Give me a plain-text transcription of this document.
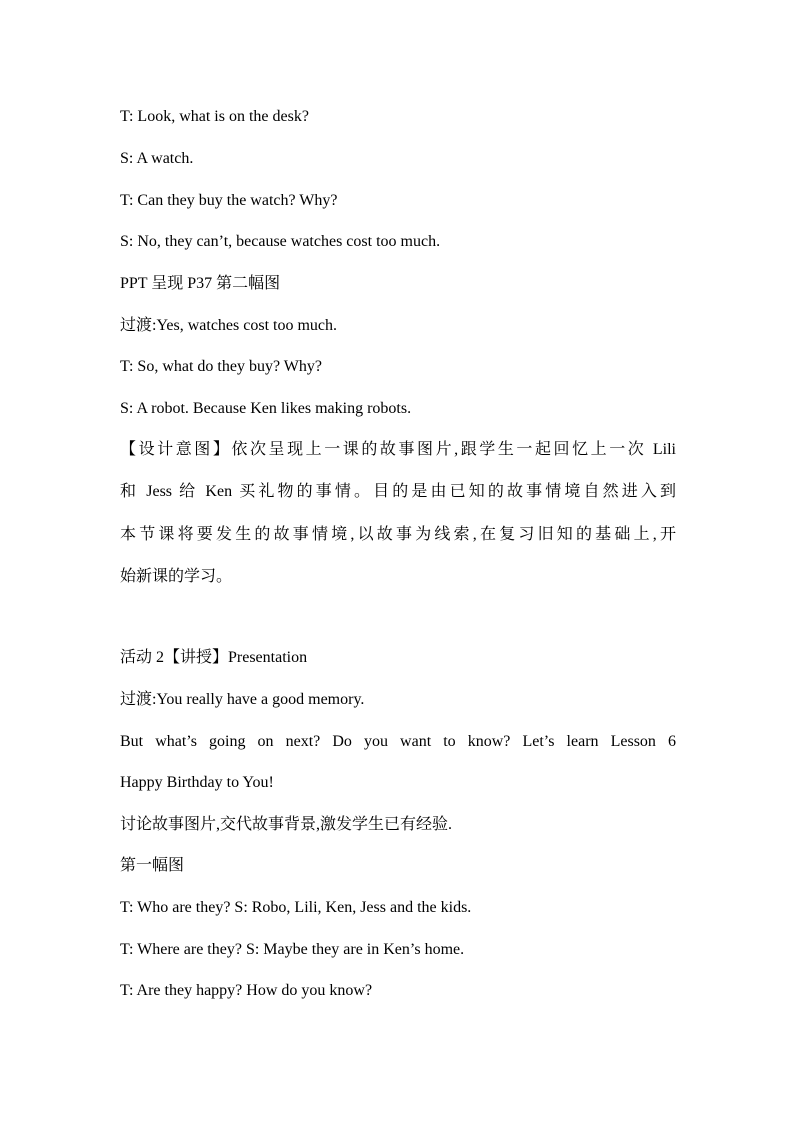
T: Look, what is on the desk?
S: A watch.
T: Can they buy the watch? Why?
S: No, they can’t, because watches cost too much.
PPT 呈现 P37 第二幅图
过渡:Yes, watches cost too much.
T: So, what do they buy? Why?
S: A robot. Because Ken likes making robots.
【设计意图】依次呈现上一课的故事图片,跟学生一起回忆上一次 Lili
和 Jess 给 Ken 买礼物的事情。目的是由已知的故事情境自然进入到
本节课将要发生的故事情境,以故事为线索,在复习旧知的基础上,开
始新课的学习。
活动 2【讲授】Presentation
过渡:You really have a good memory.
But what’s going on next? Do you want to know? Let’s learn Lesson 6
Happy Birthday to You!
讨论故事图片,交代故事背景,激发学生已有经验.
第一幅图
T: Who are they? S: Robo, Lili, Ken, Jess and the kids.
T: Where are they? S: Maybe they are in Ken’s home.
T: Are they happy? How do you know?
